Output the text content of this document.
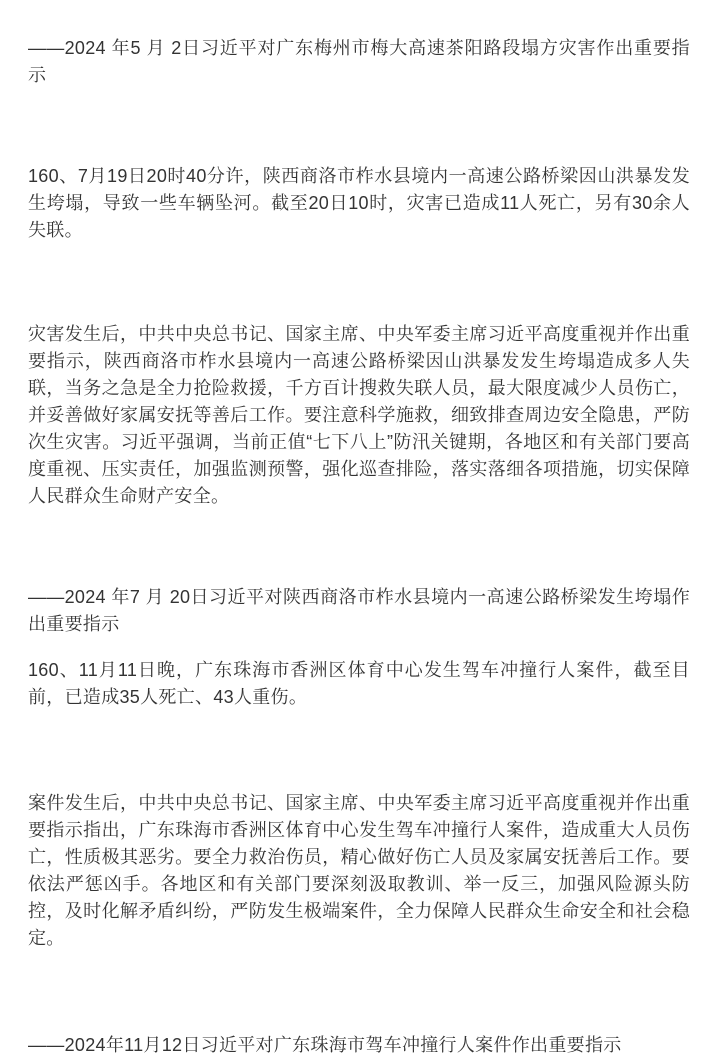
——2024 年5 月 2日习近平对广东梅州市梅大高速茶阳路段塌方灾害作出重要指示

160、7月19日20时40分许，陕西商洛市柞水县境内一高速公路桥梁因山洪暴发发生垮塌，导致一些车辆坠河。截至20日10时，灾害已造成11人死亡，另有30余人失联。

灾害发生后，中共中央总书记、国家主席、中央军委主席习近平高度重视并作出重要指示，陕西商洛市柞水县境内一高速公路桥梁因山洪暴发发生垮塌造成多人失联，当务之急是全力抢险救援，千方百计搜救失联人员，最大限度减少人员伤亡，并妥善做好家属安抚等善后工作。要注意科学施救，细致排查周边安全隐患，严防次生灾害。习近平强调，当前正值“七下八上”防汛关键期，各地区和有关部门要高度重视、压实责任，加强监测预警，强化巡查排险，落实落细各项措施，切实保障人民群众生命财产安全。

——2024 年7 月 20日习近平对陕西商洛市柞水县境内一高速公路桥梁发生垮塌作出重要指示

160、11月11日晚，广东珠海市香洲区体育中心发生驾车冲撞行人案件，截至目前，已造成35人死亡、43人重伤。

案件发生后，中共中央总书记、国家主席、中央军委主席习近平高度重视并作出重要指示指出，广东珠海市香洲区体育中心发生驾车冲撞行人案件，造成重大人员伤亡，性质极其恶劣。要全力救治伤员，精心做好伤亡人员及家属安抚善后工作。要依法严惩凶手。各地区和有关部门要深刻汲取教训、举一反三，加强风险源头防控，及时化解矛盾纠纷，严防发生极端案件，全力保障人民群众生命安全和社会稳定。

——2024年11月12日习近平对广东珠海市驾车冲撞行人案件作出重要指示
